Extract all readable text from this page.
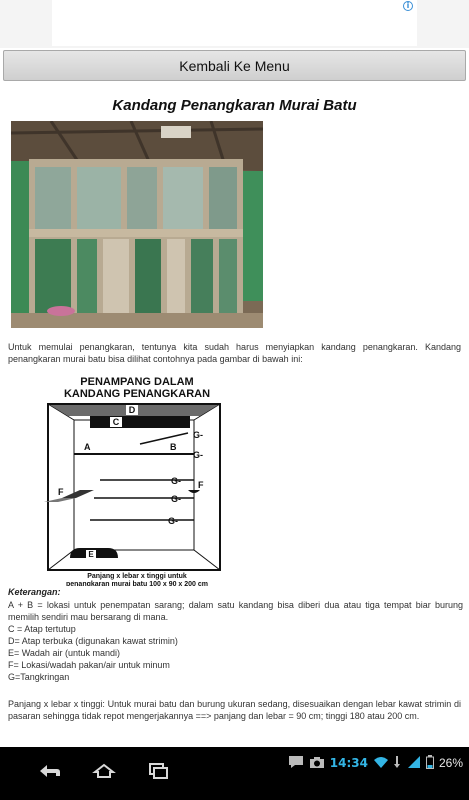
i
Kembali Ke Menu
Kandang Penangkaran Murai Batu
Untuk memulai penangkaran, tentunya kita sudah harus menyiapkan kandang penangkaran. Kandang penangkaran murai batu bisa dilihat contohnya pada gambar di bawah ini:
PENAMPANG DALAM
KANDANG PENANGKARAN
D
C
G-
A	B
G-
G-
F
G-
F
G-
E
Panjang x lebar x tinggi untuk
penangkaran murai batu 100 x 90 x 200 cm
Keterangan:
A + B = lokasi untuk penempatan sarang; dalam satu kandang bisa diberi dua atau tiga tempat biar burung memilih sendiri mau bersarang di mana.
C = Atap tertutup
D= Atap terbuka (digunakan kawat strimin)
E= Wadah air (untuk mandi)
F= Lokasi/wadah pakan/air untuk minum
G=Tangkringan
Panjang x lebar x tinggi: Untuk murai batu dan burung ukuran sedang, disesuaikan dengan lebar kawat strimin di pasaran sehingga tidak repot mengerjakannya ==> panjang dan lebar = 90 cm; tinggi 180 atau 200 cm.
14:34	26%
